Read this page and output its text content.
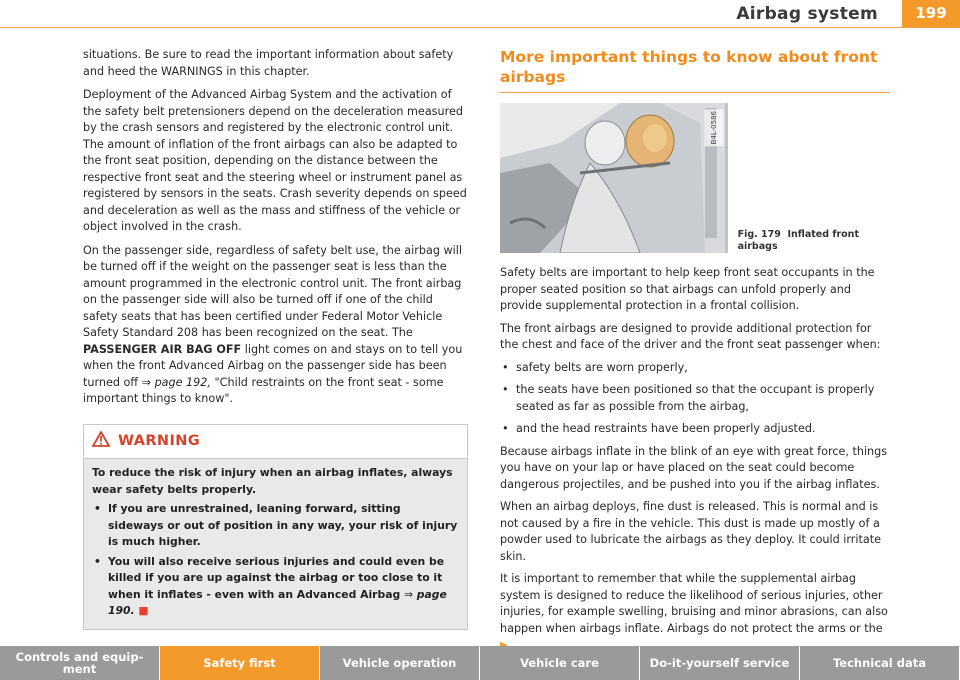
Airbag system	199

situations. Be sure to read the important information about safety and heed the WARNINGS in this chapter.

Deployment of the Advanced Airbag System and the activation of the safety belt pretensioners depend on the deceleration measured by the crash sensors and registered by the electronic control unit. The amount of inflation of the front airbags can also be adapted to the front seat position, depending on the distance between the respective front seat and the steering wheel or instrument panel as registered by sensors in the seats. Crash severity depends on speed and deceleration as well as the mass and stiffness of the vehicle or object involved in the crash.

On the passenger side, regardless of safety belt use, the airbag will be turned off if the weight on the passenger seat is less than the amount programmed in the electronic control unit. The front airbag on the passenger side will also be turned off if one of the child safety seats that has been certified under Federal Motor Vehicle Safety Standard 208 has been recognized on the seat. The PASSENGER AIR BAG OFF light comes on and stays on to tell you when the front Advanced Airbag on the passenger side has been turned off ⇒ page 192, "Child restraints on the front seat - some important things to know".

WARNING

To reduce the risk of injury when an airbag inflates, always wear safety belts properly.

• If you are unrestrained, leaning forward, sitting sideways or out of position in any way, your risk of injury is much higher.

• You will also receive serious injuries and could even be killed if you are up against the airbag or too close to it when it inflates - even with an Advanced Airbag ⇒ page 190. ■

More important things to know about front airbags
B4L-0586
Fig. 179 Inflated front airbags

Safety belts are important to help keep front seat occupants in the proper seated position so that airbags can unfold properly and provide supplemental protection in a frontal collision.

The front airbags are designed to provide additional protection for the chest and face of the driver and the front seat passenger when:

• safety belts are worn properly,

• the seats have been positioned so that the occupant is properly seated as far as possible from the airbag,

• and the head restraints have been properly adjusted.

Because airbags inflate in the blink of an eye with great force, things you have on your lap or have placed on the seat could become dangerous projectiles, and be pushed into you if the airbag inflates.

When an airbag deploys, fine dust is released. This is normal and is not caused by a fire in the vehicle. This dust is made up mostly of a powder used to lubricate the airbags as they deploy. It could irritate skin.

It is important to remember that while the supplemental airbag system is designed to reduce the likelihood of serious injuries, other injuries, for example swelling, bruising and minor abrasions, can also happen when airbags inflate. Airbags do not protect the arms or the

Controls and equip- ment	Safety first	Vehicle operation	Vehicle care	Do-it-yourself service	Technical data
